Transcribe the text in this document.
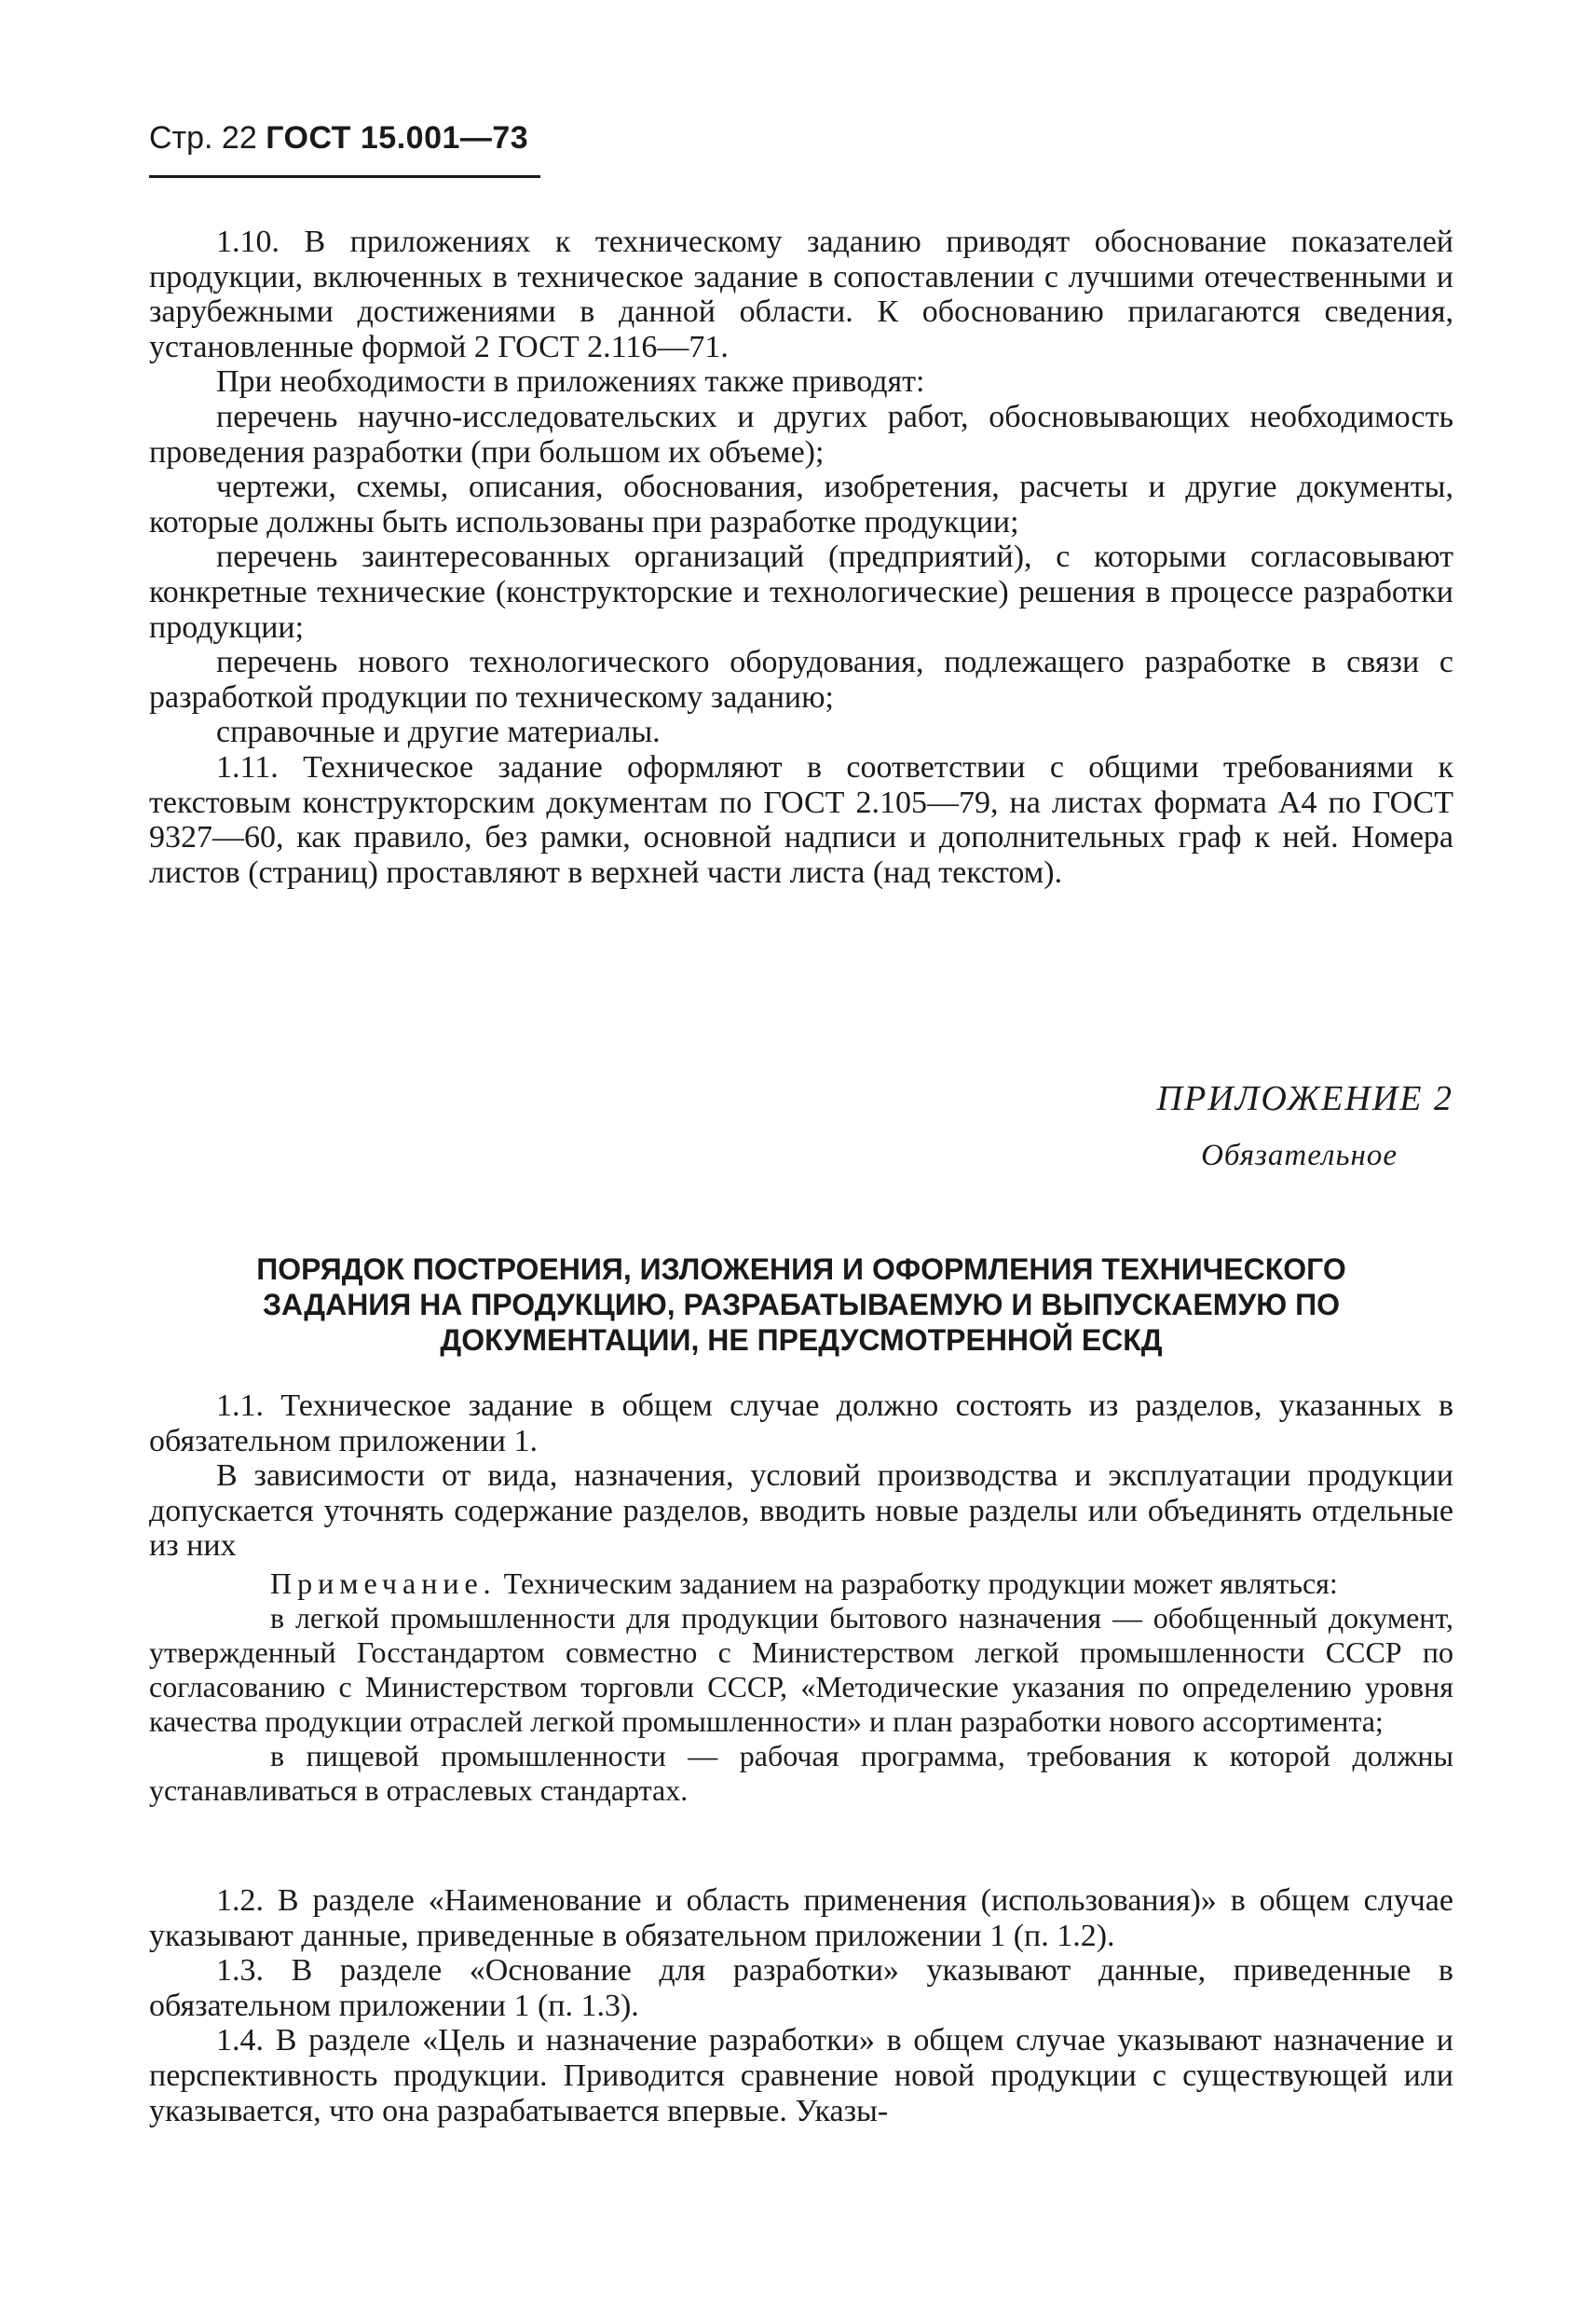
Стр. 22 ГОСТ 15.001—73

1.10. В приложениях к техническому заданию приводят обоснование показателей продукции, включенных в техническое задание в сопоставлении с лучшими отечественными и зарубежными достижениями в данной области. К обоснованию прилагаются сведения, установленные формой 2 ГОСТ 2.116—71.

При необходимости в приложениях также приводят:

перечень научно-исследовательских и других работ, обосновывающих необходимость проведения разработки (при большом их объеме);

чертежи, схемы, описания, обоснования, изобретения, расчеты и другие документы, которые должны быть использованы при разработке продукции;

перечень заинтересованных организаций (предприятий), с которыми согласовывают конкретные технические (конструкторские и технологические) решения в процессе разработки продукции;

перечень нового технологического оборудования, подлежащего разработке в связи с разработкой продукции по техническому заданию;

справочные и другие материалы.

1.11. Техническое задание оформляют в соответствии с общими требованиями к текстовым конструкторским документам по ГОСТ 2.105—79, на листах формата А4 по ГОСТ 9327—60, как правило, без рамки, основной надписи и дополнительных граф к ней. Номера листов (страниц) проставляют в верхней части листа (над текстом).

ПРИЛОЖЕНИЕ 2
Обязательное
ПОРЯДОК ПОСТРОЕНИЯ, ИЗЛОЖЕНИЯ И ОФОРМЛЕНИЯ ТЕХНИЧЕСКОГО
ЗАДАНИЯ НА ПРОДУКЦИЮ, РАЗРАБАТЫВАЕМУЮ И ВЫПУСКАЕМУЮ ПО
ДОКУМЕНТАЦИИ, НЕ ПРЕДУСМОТРЕННОЙ ЕСКД

1.1. Техническое задание в общем случае должно состоять из разделов, указанных в обязательном приложении 1.

В зависимости от вида, назначения, условий производства и эксплуатации продукции допускается уточнять содержание разделов, вводить новые разделы или объединять отдельные из них

Примечание. Техническим заданием на разработку продукции может являться:

в легкой промышленности для продукции бытового назначения — обобщенный документ, утвержденный Госстандартом совместно с Министерством легкой промышленности СССР по согласованию с Министерством торговли СССР, «Методические указания по определению уровня качества продукции отраслей легкой промышленности» и план разработки нового ассортимента;

в пищевой промышленности — рабочая программа, требования к которой должны устанавливаться в отраслевых стандартах.

1.2. В разделе «Наименование и область применения (использования)» в общем случае указывают данные, приведенные в обязательном приложении 1 (п. 1.2).

1.3. В разделе «Основание для разработки» указывают данные, приведенные в обязательном приложении 1 (п. 1.3).

1.4. В разделе «Цель и назначение разработки» в общем случае указывают назначение и перспективность продукции. Приводится сравнение новой продукции с существующей или указывается, что она разрабатывается впервые. Указы-
